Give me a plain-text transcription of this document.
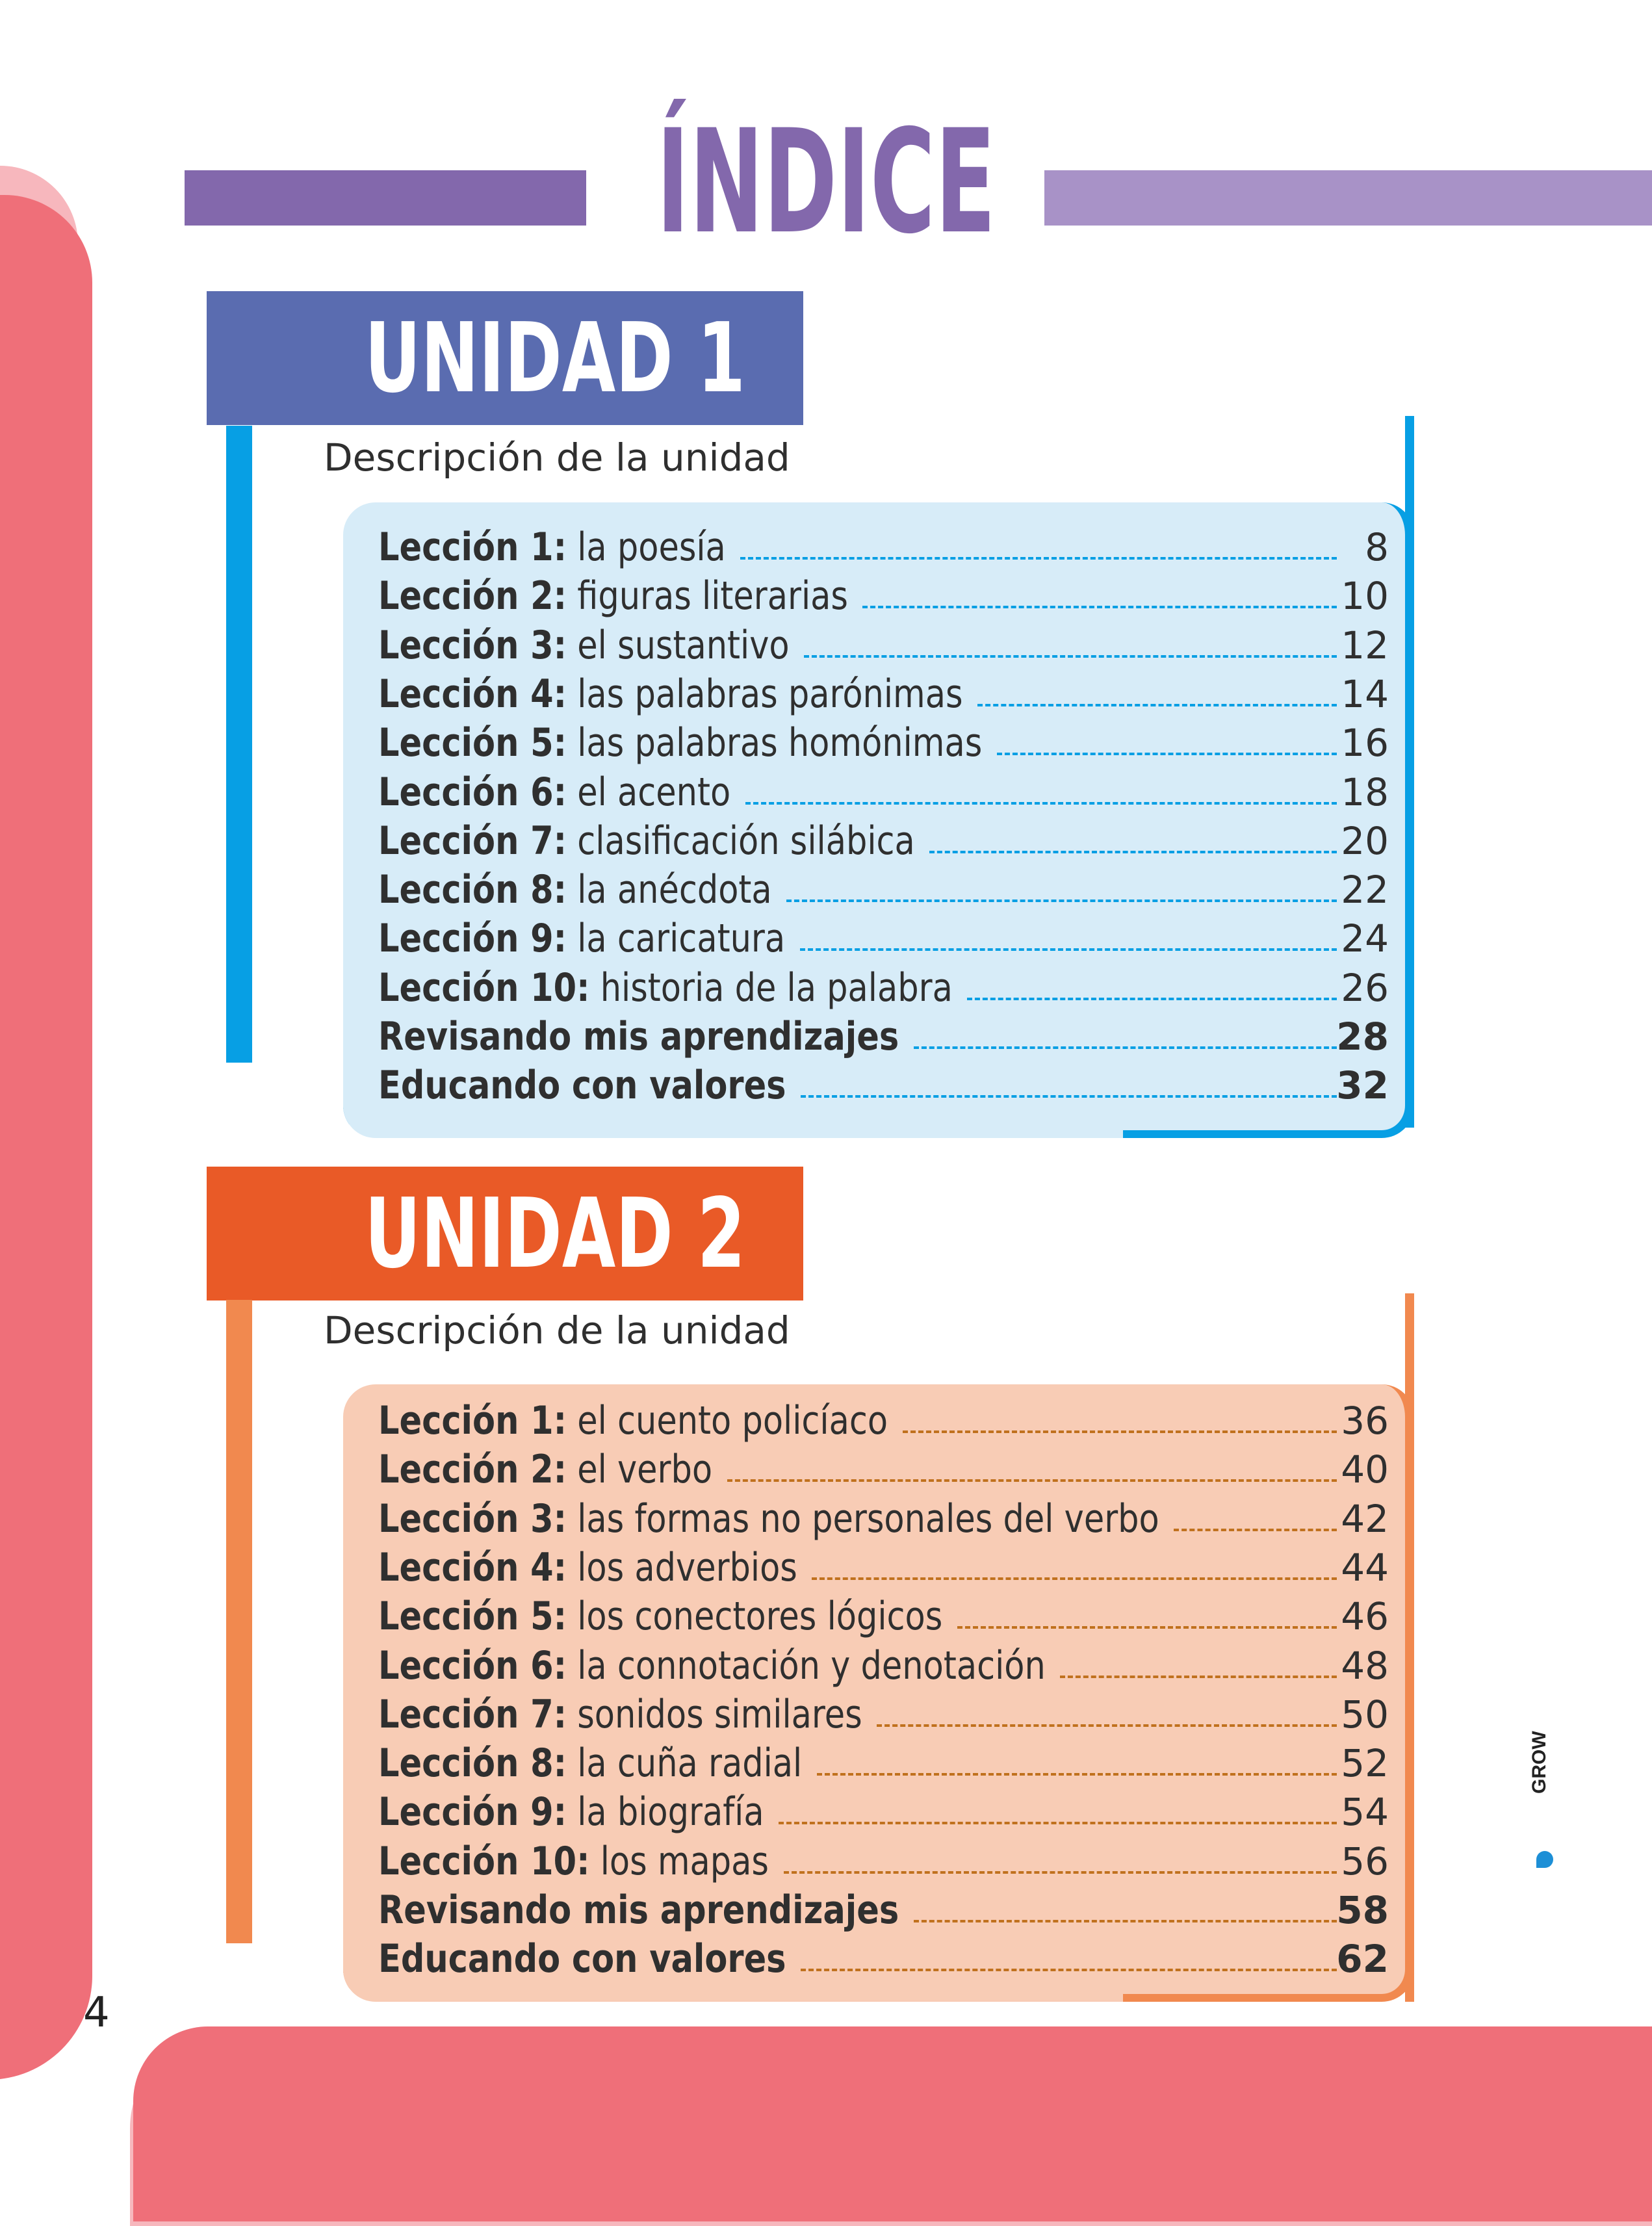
ÍNDICE
UNIDAD 1
Descripción de la unidad
Lección 1: la poesía	8
Lección 2: figuras literarias	10
Lección 3: el sustantivo	12
Lección 4: las palabras parónimas	14
Lección 5: las palabras homónimas	16
Lección 6: el acento	18
Lección 7: clasificación silábica	20
Lección 8: la anécdota	22
Lección 9: la caricatura	24
Lección 10: historia de la palabra	26
Revisando mis aprendizajes	28
Educando con valores	32
UNIDAD 2
Descripción de la unidad
Lección 1: el cuento policíaco	36
Lección 2: el verbo	40
Lección 3: las formas no personales del verbo	42
Lección 4: los adverbios	44
Lección 5: los conectores lógicos	46
Lección 6: la connotación y denotación	48
Lección 7: sonidos similares	50
Lección 8: la cuña radial	52
Lección 9: la biografía	54
Lección 10: los mapas	56
Revisando mis aprendizajes	58
Educando con valores	62
4
GROW
